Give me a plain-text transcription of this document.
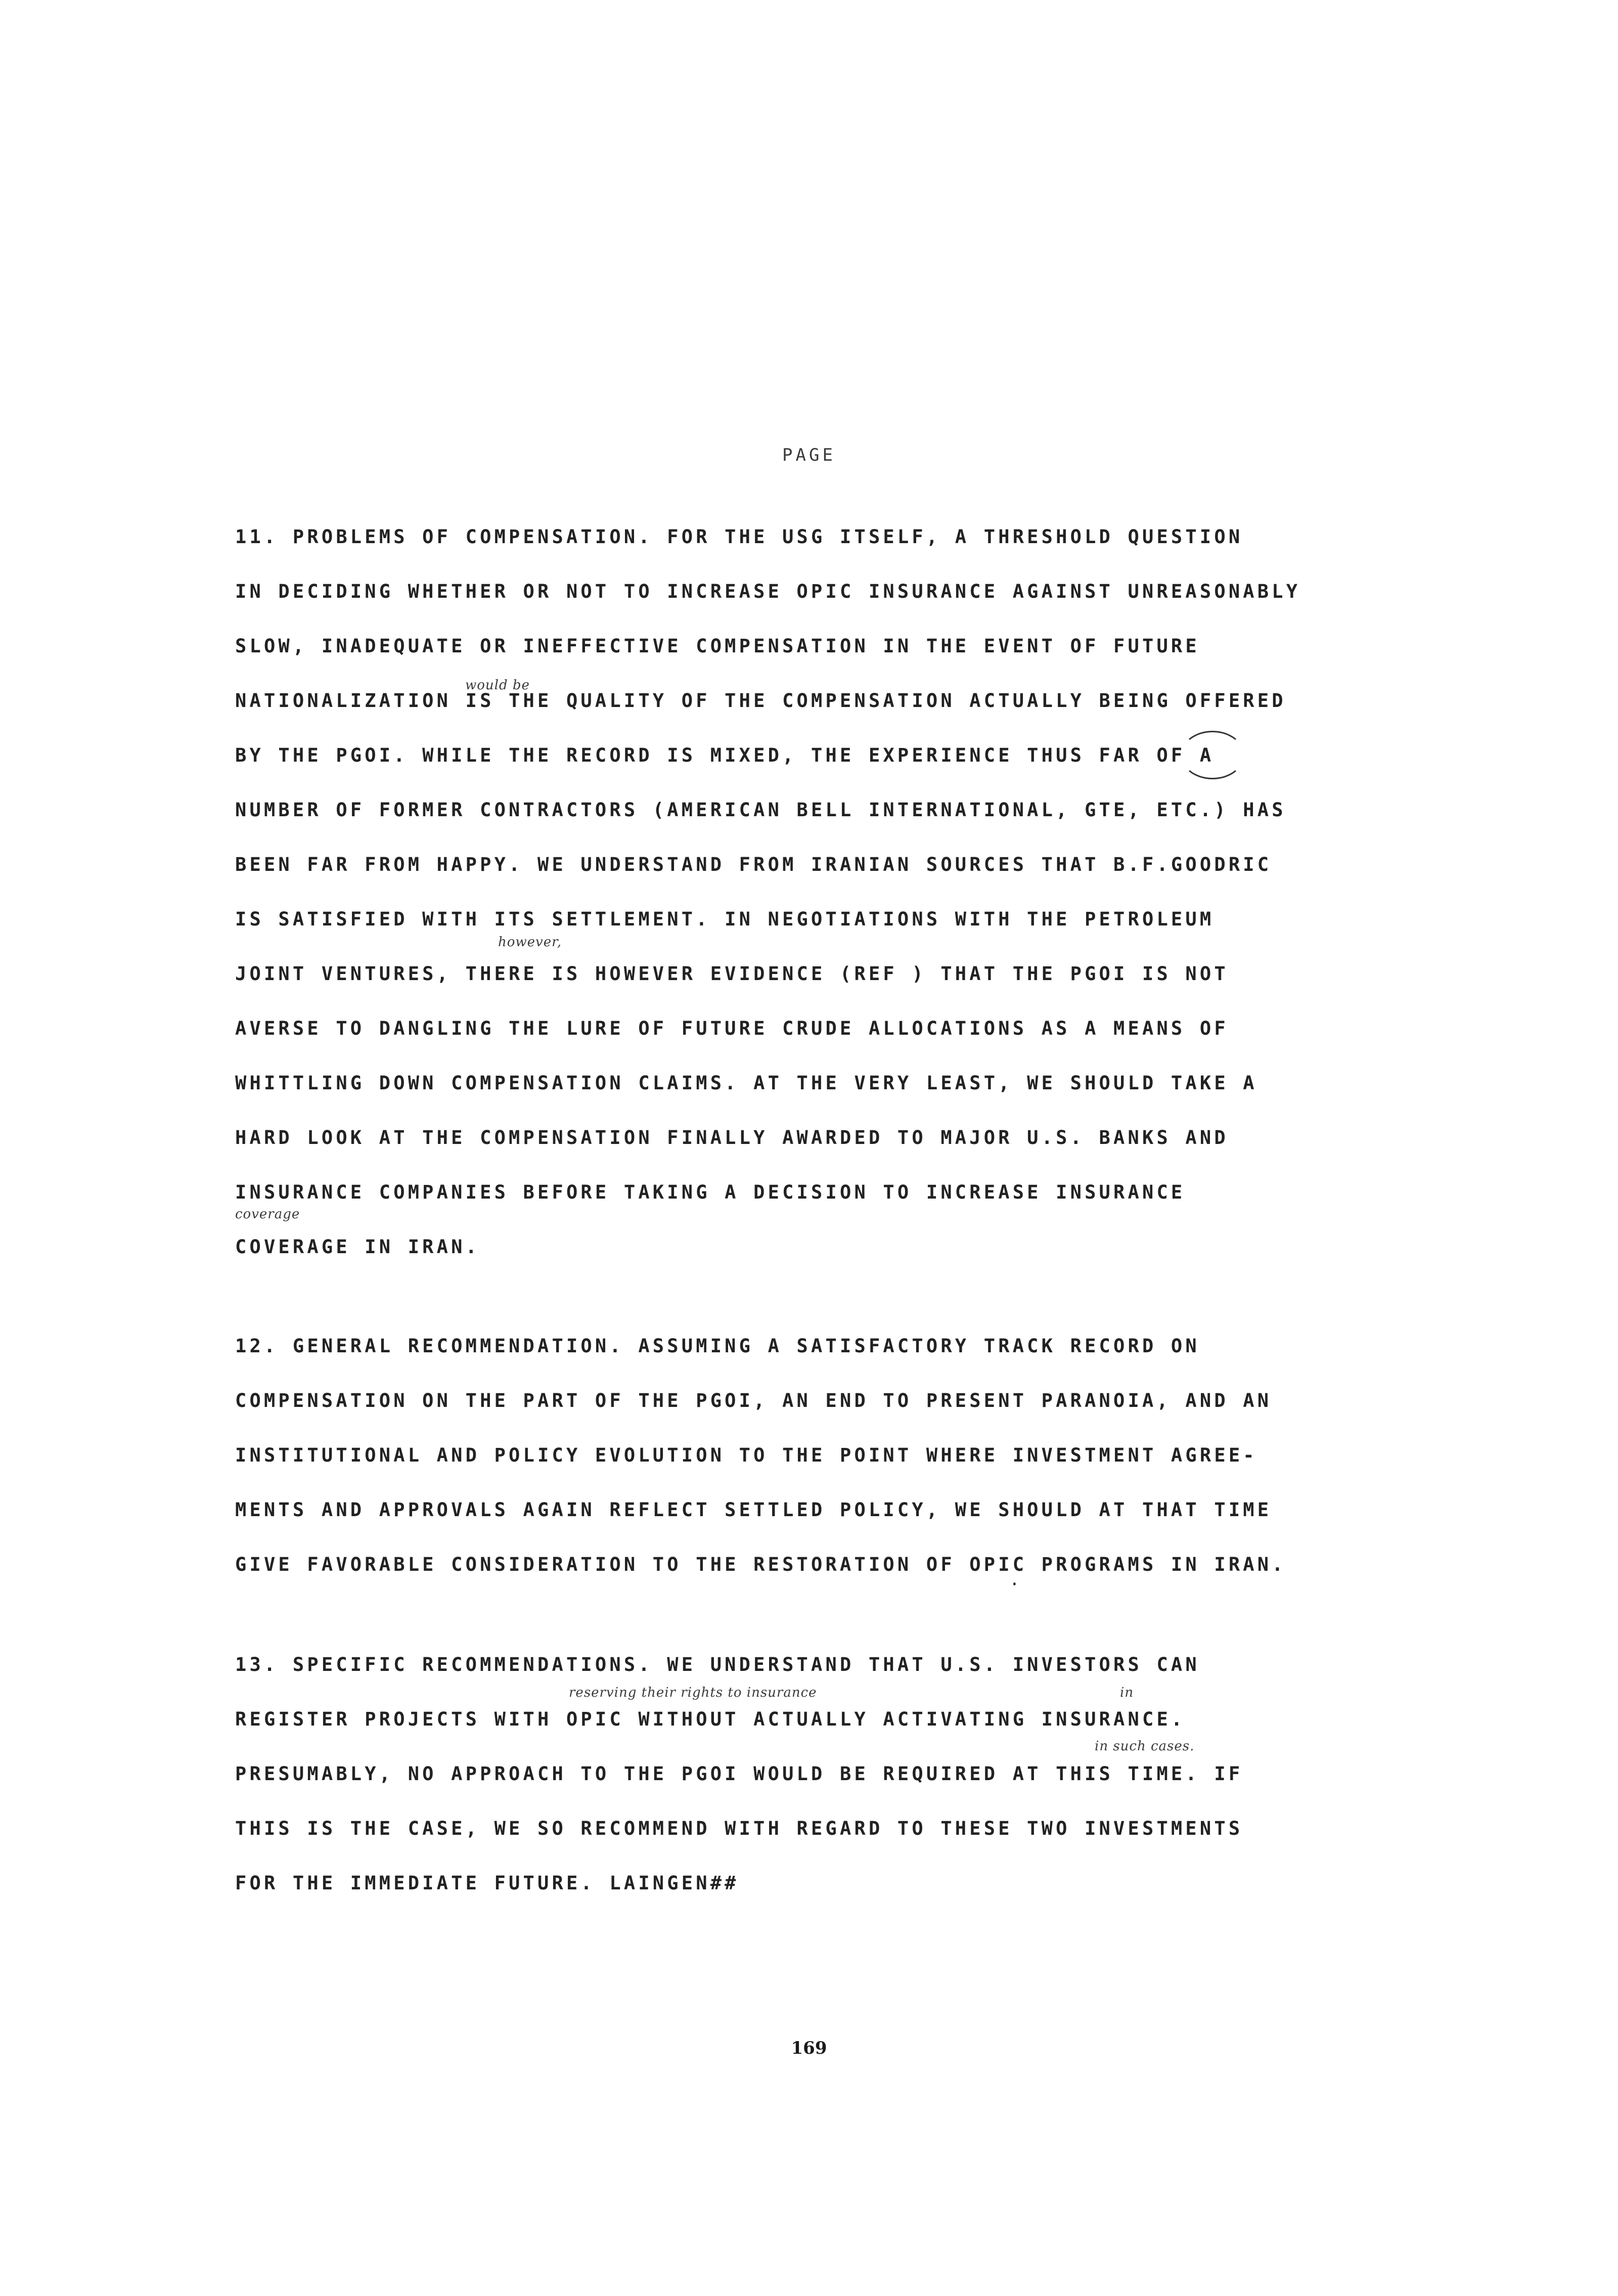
PAGE
11. PROBLEMS OF COMPENSATION. FOR THE USG ITSELF, A THRESHOLD QUESTION
IN DECIDING WHETHER OR NOT TO INCREASE OPIC INSURANCE AGAINST UNREASONABLY
SLOW, INADEQUATE OR INEFFECTIVE COMPENSATION IN THE EVENT OF FUTURE
would be
NATIONALIZATION IS THE QUALITY OF THE COMPENSATION ACTUALLY BEING OFFERED
BY THE PGOI. WHILE THE RECORD IS MIXED, THE EXPERIENCE THUS FAR OF A
NUMBER OF FORMER CONTRACTORS (AMERICAN BELL INTERNATIONAL, GTE, ETC.) HAS
BEEN FAR FROM HAPPY. WE UNDERSTAND FROM IRANIAN SOURCES THAT B.F.GOODRIC
IS SATISFIED WITH ITS SETTLEMENT. IN NEGOTIATIONS WITH THE PETROLEUM
however,
JOINT VENTURES, THERE IS HOWEVER EVIDENCE (REF ) THAT THE PGOI IS NOT
AVERSE TO DANGLING THE LURE OF FUTURE CRUDE ALLOCATIONS AS A MEANS OF
WHITTLING DOWN COMPENSATION CLAIMS. AT THE VERY LEAST, WE SHOULD TAKE A
HARD LOOK AT THE COMPENSATION FINALLY AWARDED TO MAJOR U.S. BANKS AND
INSURANCE COMPANIES BEFORE TAKING A DECISION TO INCREASE INSURANCE
coverage
COVERAGE IN IRAN.
12. GENERAL RECOMMENDATION. ASSUMING A SATISFACTORY TRACK RECORD ON
COMPENSATION ON THE PART OF THE PGOI, AN END TO PRESENT PARANOIA, AND AN
INSTITUTIONAL AND POLICY EVOLUTION TO THE POINT WHERE INVESTMENT AGREE-
MENTS AND APPROVALS AGAIN REFLECT SETTLED POLICY, WE SHOULD AT THAT TIME
GIVE FAVORABLE CONSIDERATION TO THE RESTORATION OF OPIC PROGRAMS IN IRAN.
13. SPECIFIC RECOMMENDATIONS. WE UNDERSTAND THAT U.S. INVESTORS CAN
reserving their rights to insurance	in
REGISTER PROJECTS WITH OPIC WITHOUT ACTUALLY ACTIVATING INSURANCE.
in such cases.
PRESUMABLY, NO APPROACH TO THE PGOI WOULD BE REQUIRED AT THIS TIME. IF
THIS IS THE CASE, WE SO RECOMMEND WITH REGARD TO THESE TWO INVESTMENTS
FOR THE IMMEDIATE FUTURE. LAINGEN##
·
169
